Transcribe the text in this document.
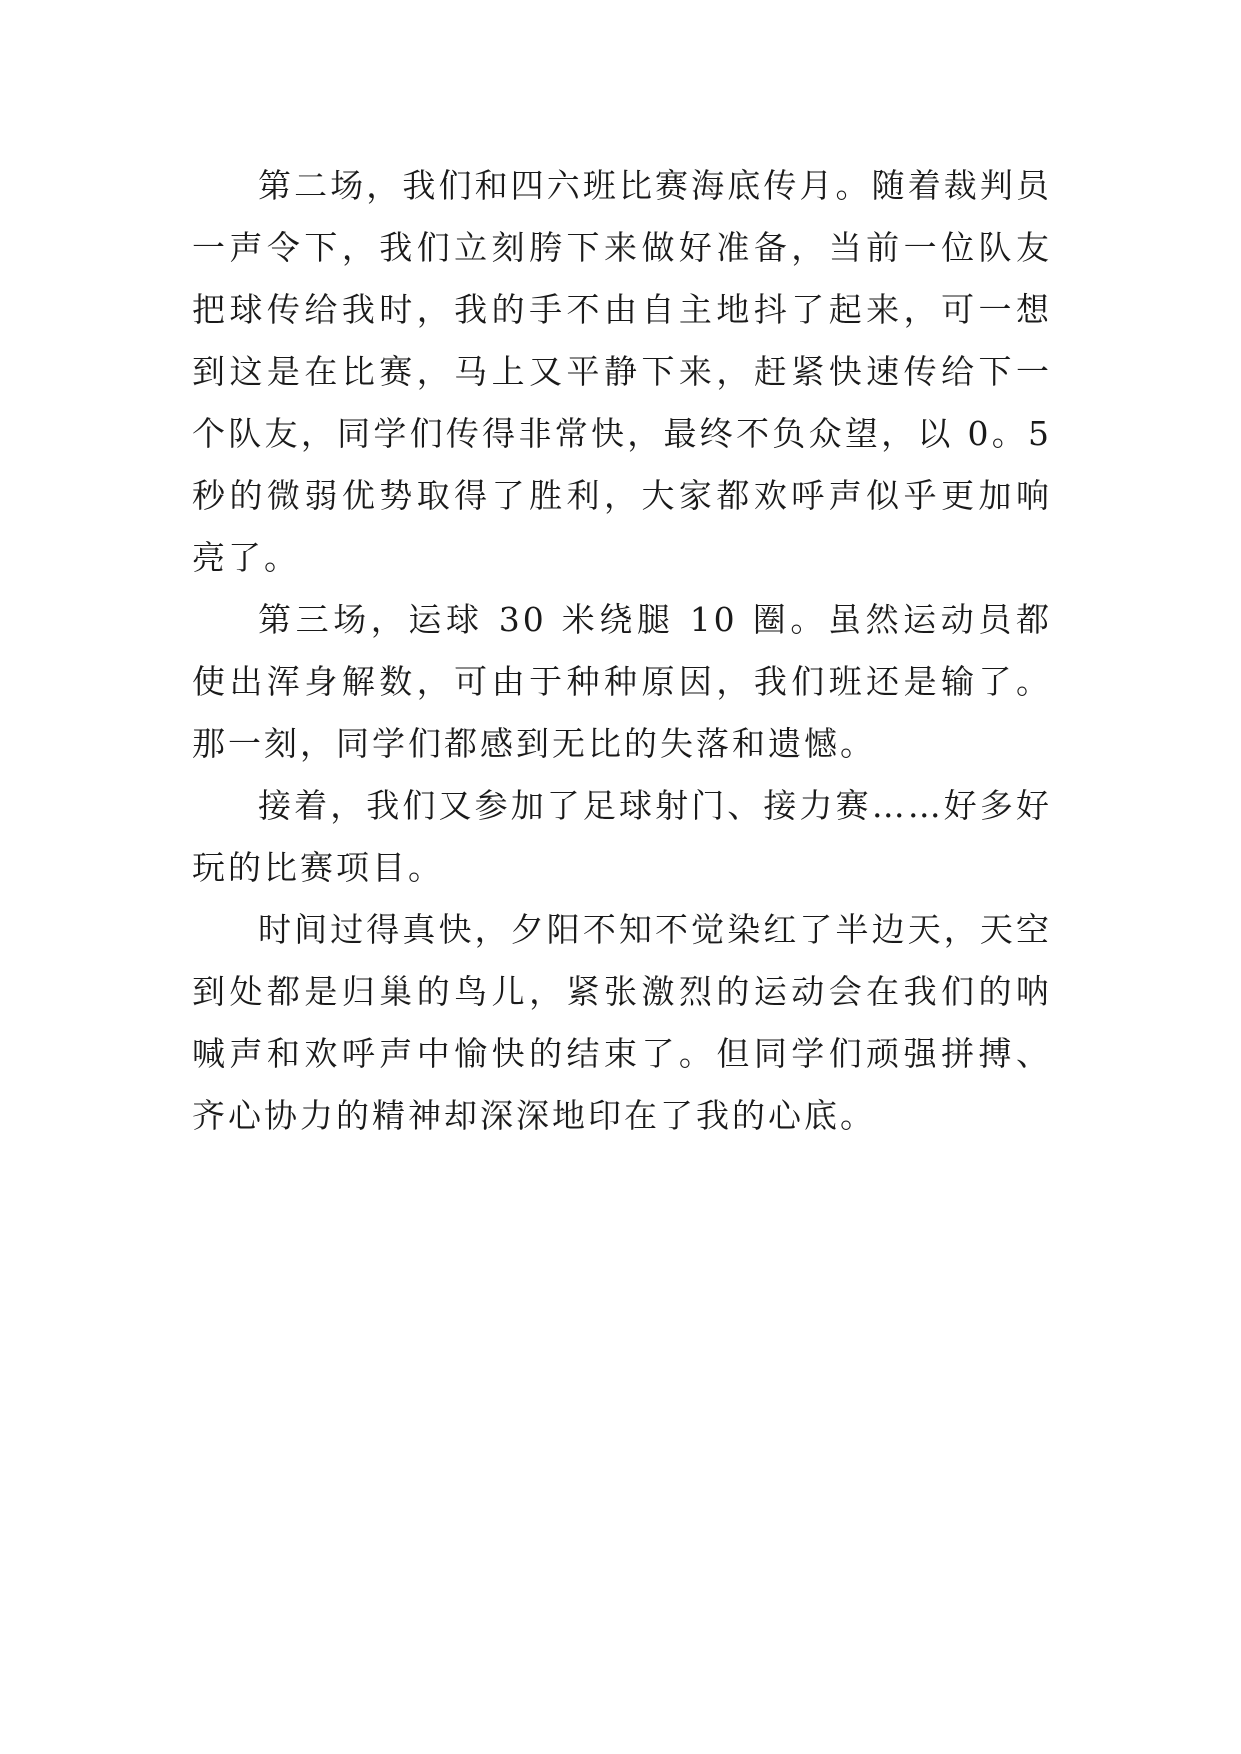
第二场，我们和四六班比赛海底传月。随着裁判员一声令下，我们立刻胯下来做好准备，当前一位队友把球传给我时，我的手不由自主地抖了起来，可一想到这是在比赛，马上又平静下来，赶紧快速传给下一个队友，同学们传得非常快，最终不负众望，以 0。5 秒的微弱优势取得了胜利，大家都欢呼声似乎更加响亮了。

第三场，运球 30 米绕腿 10 圈。虽然运动员都使出浑身解数，可由于种种原因，我们班还是输了。那一刻，同学们都感到无比的失落和遗憾。

接着，我们又参加了足球射门、接力赛……好多好玩的比赛项目。

时间过得真快，夕阳不知不觉染红了半边天，天空到处都是归巢的鸟儿，紧张激烈的运动会在我们的呐喊声和欢呼声中愉快的结束了。但同学们顽强拼搏、齐心协力的精神却深深地印在了我的心底。
